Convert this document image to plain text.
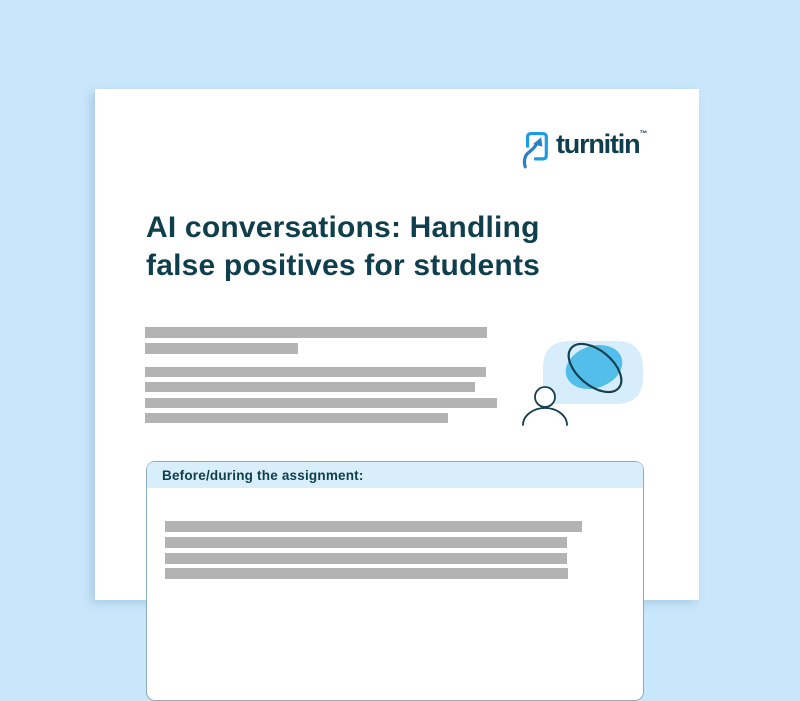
turnitin™
AI conversations: Handling
false positives for students
Before/during the assignment:
